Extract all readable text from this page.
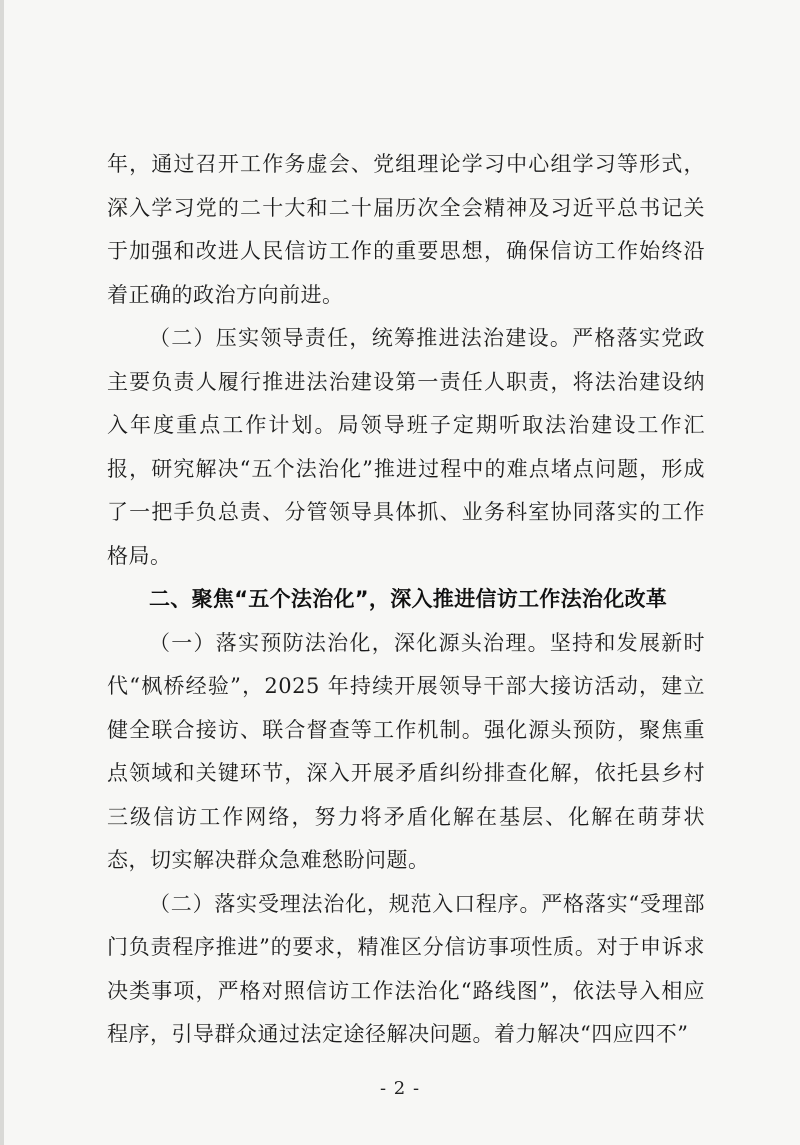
年，通过召开工作务虚会、党组理论学习中心组学习等形式，深入学习党的二十大和二十届历次全会精神及习近平总书记关于加强和改进人民信访工作的重要思想，确保信访工作始终沿着正确的政治方向前进。

（二）压实领导责任，统筹推进法治建设。严格落实党政主要负责人履行推进法治建设第一责任人职责，将法治建设纳入年度重点工作计划。局领导班子定期听取法治建设工作汇报，研究解决“五个法治化”推进过程中的难点堵点问题，形成了一把手负总责、分管领导具体抓、业务科室协同落实的工作格局。

二、聚焦“五个法治化”，深入推进信访工作法治化改革

（一）落实预防法治化，深化源头治理。坚持和发展新时代“枫桥经验”，2025 年持续开展领导干部大接访活动，建立健全联合接访、联合督查等工作机制。强化源头预防，聚焦重点领域和关键环节，深入开展矛盾纠纷排查化解，依托县乡村三级信访工作网络，努力将矛盾化解在基层、化解在萌芽状态，切实解决群众急难愁盼问题。

（二）落实受理法治化，规范入口程序。严格落实“受理部门负责程序推进”的要求，精准区分信访事项性质。对于申诉求决类事项，严格对照信访工作法治化“路线图”，依法导入相应程序，引导群众通过法定途径解决问题。着力解决“四应四不”

- 2 -
